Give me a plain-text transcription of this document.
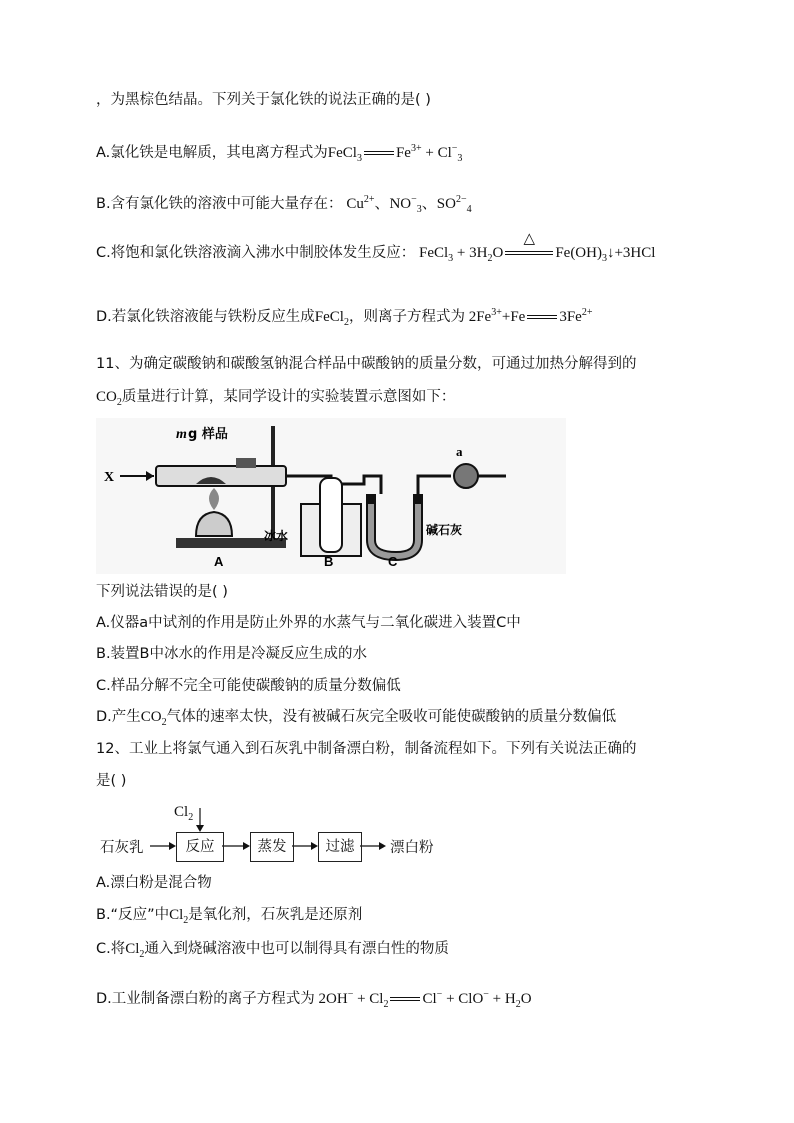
，为黑棕色结晶。下列关于氯化铁的说法正确的是( )
A.氯化铁是电解质，其电离方程式为FeCl$_3$ $Fe^{3+} + Cl^-_3$
B.含有氯化铁的溶液中可能大量存在： $Cu^{2+}$、$NO^-_3$、$SO^{2-}_4$
C.将饱和氯化铁溶液滴入沸水中制胶体发生反应： FeCl$_3$ + $3H_2O$
△
$Fe(OH)_3↓+3HCl$
D.若氯化铁溶液能与铁粉反应生成FeCl$_2$，则离子方程式为 $2Fe^{3+}+Fe$ $3Fe^{2+}$
11、为确定碳酸钠和碳酸氢钠混合样品中碳酸钠的质量分数，可通过加热分解得到的
$CO_2$质量进行计算，某同学设计的实验装置示意图如下：
X
m g 样品
A
冰水
B
碱石灰
C
a
下列说法错误的是( )
A.仪器a中试剂的作用是防止外界的水蒸气与二氧化碳进入装置C中
B.装置B中冰水的作用是冷凝反应生成的水
C.样品分解不完全可能使碳酸钠的质量分数偏低
D.产生$CO_2$气体的速率太快，没有被碱石灰完全吸收可能使碳酸钠的质量分数偏低
12、工业上将氯气通入到石灰乳中制备漂白粉，制备流程如下。下列有关说法正确的
是( )
$Cl_2$
石灰乳	反应	蒸发	过滤	漂白粉
A.漂白粉是混合物
B.“反应”中$Cl_2$是氧化剂，石灰乳是还原剂
C.将$Cl_2$通入到烧碱溶液中也可以制得具有漂白性的物质
D.工业制备漂白粉的离子方程式为 $2OH^- + Cl_2$ $Cl^- + ClO^- + H_2O$
